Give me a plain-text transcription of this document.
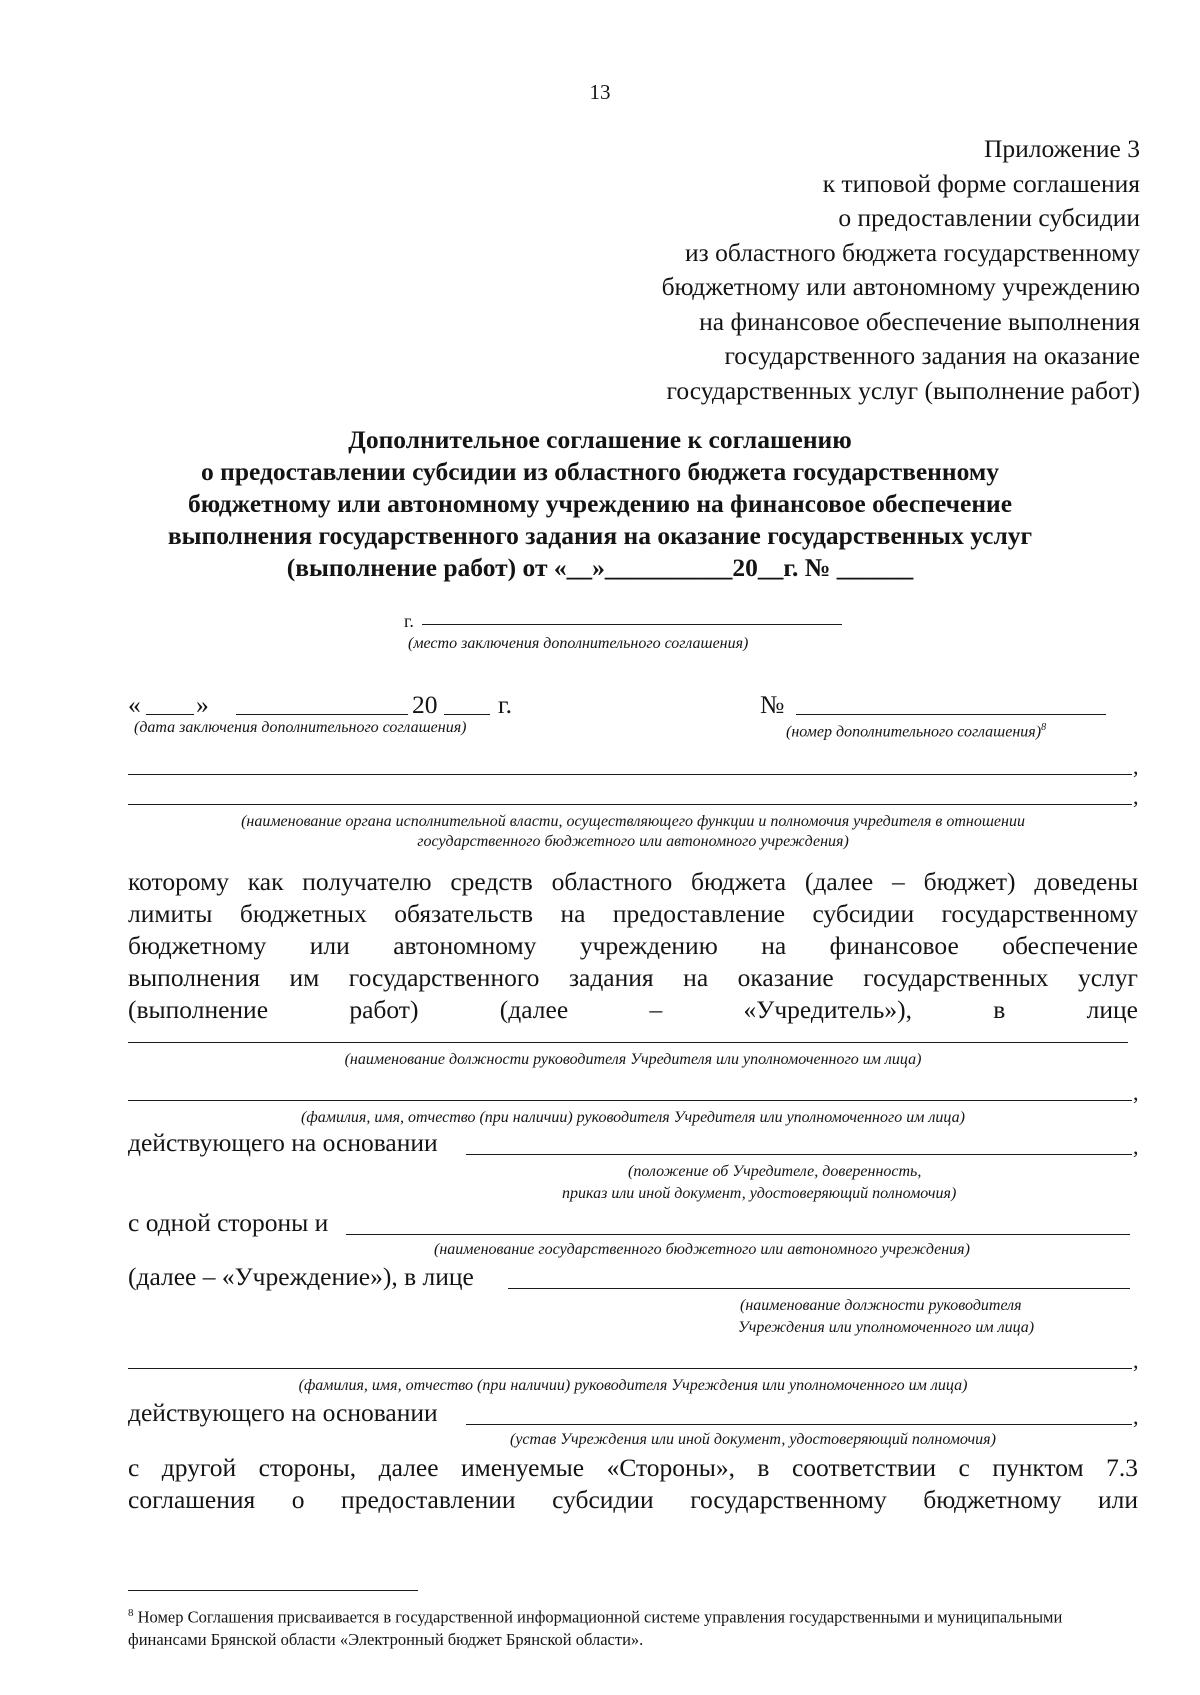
13
Приложение 3
к типовой форме соглашения
о предоставлении субсидии
из областного бюджета государственному
бюджетному или автономному учреждению
на финансовое обеспечение выполнения
государственного задания на оказание
государственных услуг (выполнение работ)
Дополнительное соглашение к соглашению
о предоставлении субсидии из областного бюджета государственному
бюджетному или автономному учреждению на финансовое обеспечение
выполнения государственного задания на оказание государственных услуг
(выполнение работ) от «__»__________20__г. № ______
г.
(место заключения дополнительного соглашения)
« »	20 г.	№
(дата заключения дополнительного соглашения)	(номер дополнительного соглашения)$^8$
,
,
(наименование органа исполнительной власти, осуществляющего функции и полномочия учредителя в отношении
государственного бюджетного или автономного учреждения)
которому как получателю средств областного бюджета (далее – бюджет) доведены
лимиты бюджетных обязательств на предоставление субсидии государственному
бюджетному или автономному учреждению на финансовое обеспечение
выполнения им государственного задания на оказание государственных услуг
(выполнение работ) (далее – «Учредитель»), в лице
(наименование должности руководителя Учредителя или уполномоченного им лица)
,
(фамилия, имя, отчество (при наличии) руководителя Учредителя или уполномоченного им лица)
действующего на основании	,
(положение об Учредителе, доверенность,
приказ или иной документ, удостоверяющий полномочия)
с одной стороны и
(наименование государственного бюджетного или автономного учреждения)
(далее – «Учреждение»), в лице
(наименование должности руководителя
Учреждения или уполномоченного им лица)
,
(фамилия, имя, отчество (при наличии) руководителя Учреждения или уполномоченного им лица)
действующего на основании	,
(устав Учреждения или иной документ, удостоверяющий полномочия)
с другой стороны, далее именуемые «Стороны», в соответствии с пунктом 7.3
соглашения о предоставлении субсидии государственному бюджетному или
$^8$ Номер Соглашения присваивается в государственной информационной системе управления государственными и муниципальными финансами Брянской области «Электронный бюджет Брянской области».
